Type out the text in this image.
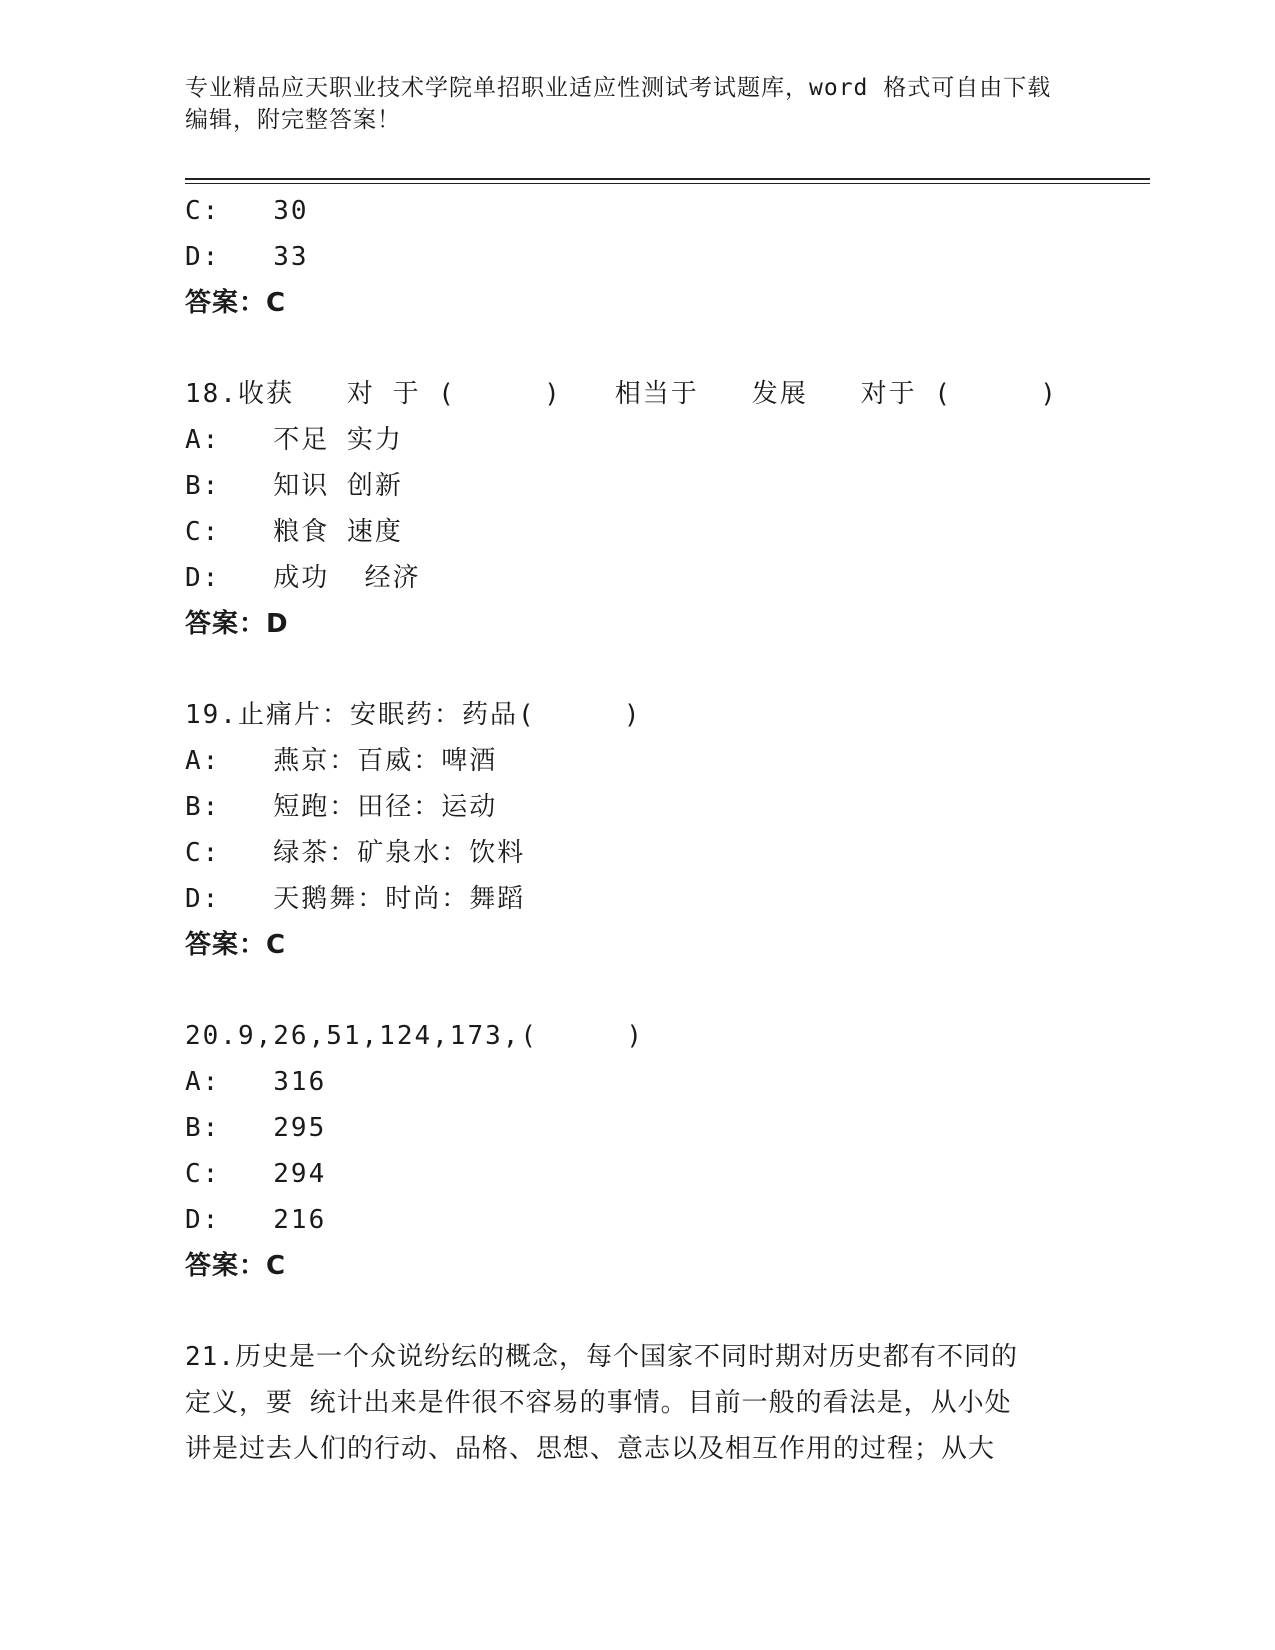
专业精品应天职业技术学院单招职业适应性测试考试题库，word 格式可自由下载
编辑，附完整答案！
C:   30
D:   33
答案：C
18.收获   对 于 (     )   相当于   发展   对于 (     )
A:   不足 实力
B:   知识 创新
C:   粮食 速度
D:   成功  经济
答案：D
19.止痛片：安眠药：药品(     )
A:   燕京：百威：啤酒
B:   短跑：田径：运动
C:   绿茶：矿泉水：饮料
D:   天鹅舞：时尚：舞蹈
答案：C
20.9,26,51,124,173,(     )
A:   316
B:   295
C:   294
D:   216
答案：C
21.历史是一个众说纷纭的概念，每个国家不同时期对历史都有不同的
定义，要 统计出来是件很不容易的事情。目前一般的看法是，从小处
讲是过去人们的行动、品格、思想、意志以及相互作用的过程；从大
